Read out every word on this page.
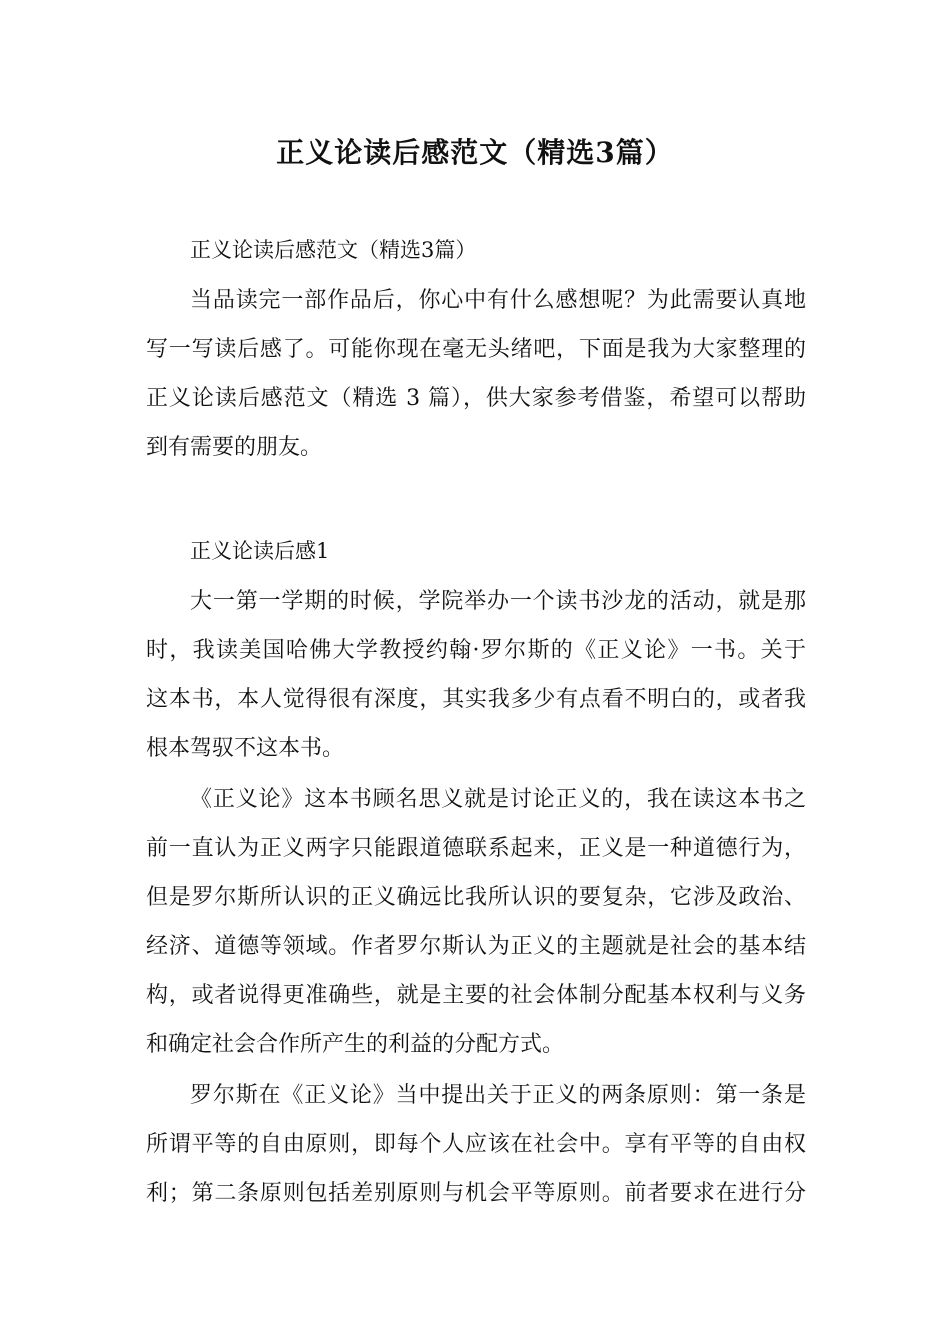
正义论读后感范文（精选3篇）
正义论读后感范文（精选3篇）
当品读完一部作品后，你心中有什么感想呢？为此需要认真地
写一写读后感了。可能你现在毫无头绪吧，下面是我为大家整理的
正义论读后感范文（精选 3 篇），供大家参考借鉴，希望可以帮助
到有需要的朋友。
正义论读后感1
大一第一学期的时候，学院举办一个读书沙龙的活动，就是那
时，我读美国哈佛大学教授约翰·罗尔斯的《正义论》一书。关于
这本书，本人觉得很有深度，其实我多少有点看不明白的，或者我
根本驾驭不这本书。
《正义论》这本书顾名思义就是讨论正义的，我在读这本书之
前一直认为正义两字只能跟道德联系起来，正义是一种道德行为，
但是罗尔斯所认识的正义确远比我所认识的要复杂，它涉及政治、
经济、道德等领域。作者罗尔斯认为正义的主题就是社会的基本结
构，或者说得更准确些，就是主要的社会体制分配基本权利与义务
和确定社会合作所产生的利益的分配方式。
罗尔斯在《正义论》当中提出关于正义的两条原则：第一条是
所谓平等的自由原则，即每个人应该在社会中。享有平等的自由权
利；第二条原则包括差别原则与机会平等原则。前者要求在进行分
